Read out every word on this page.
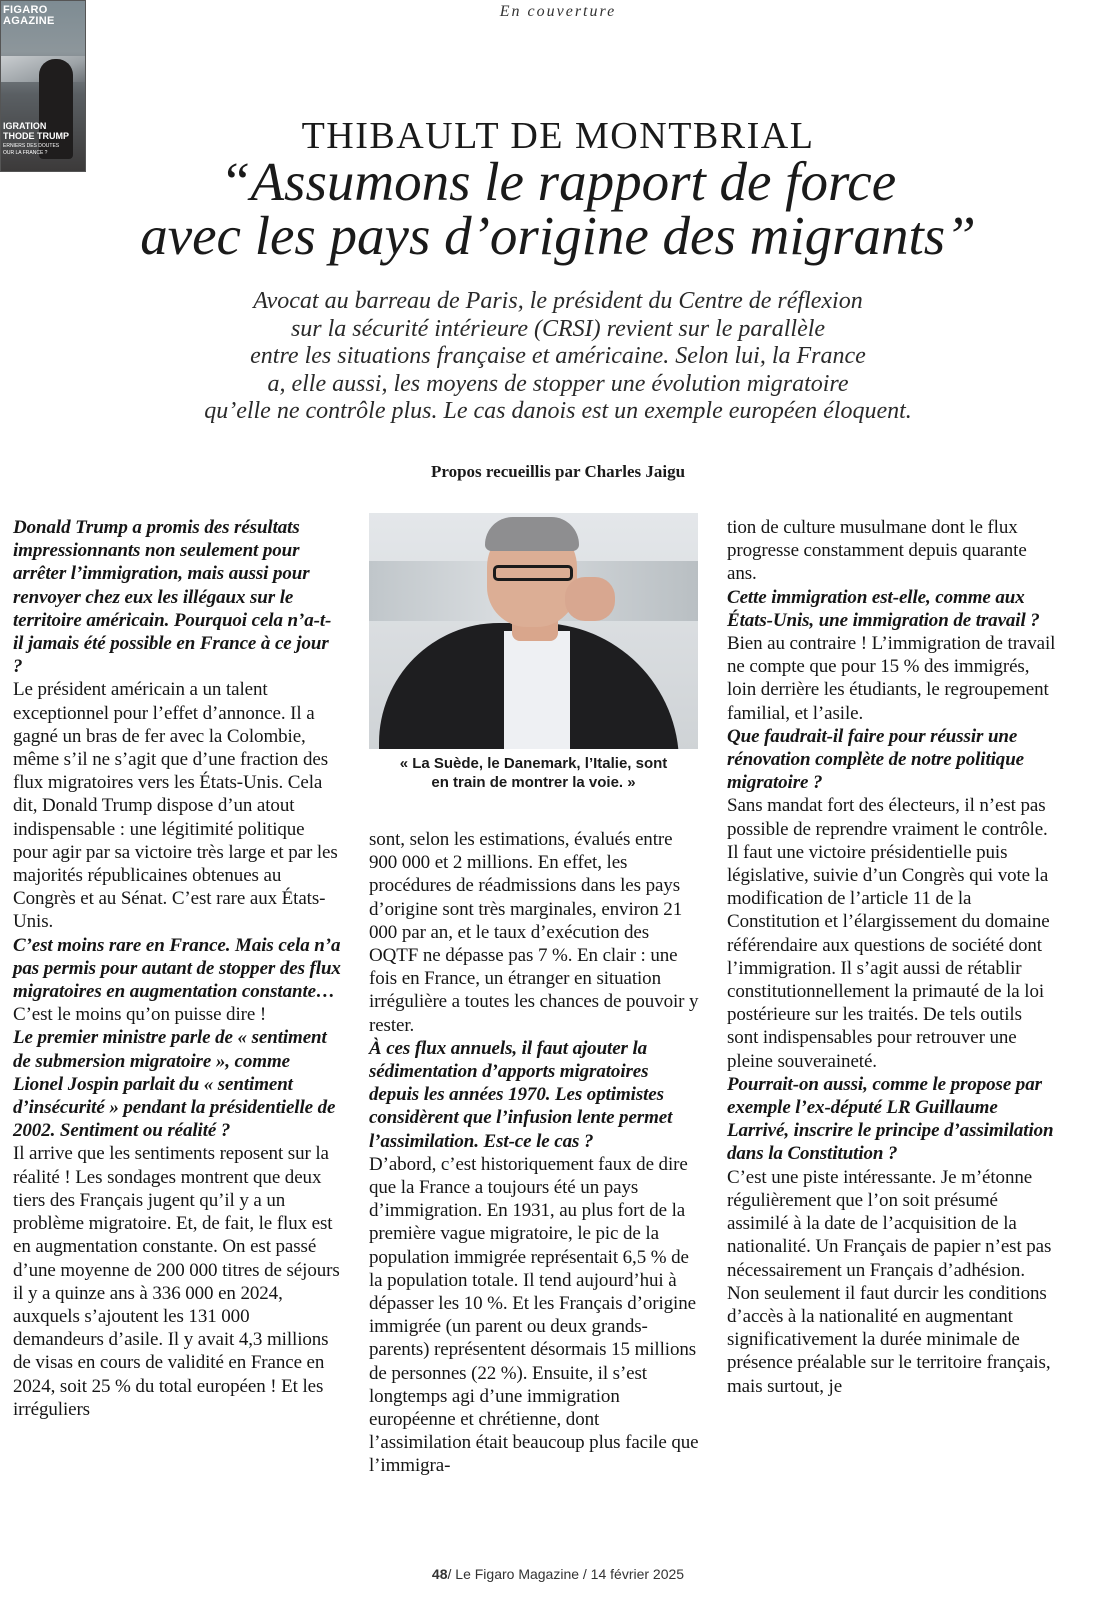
FIGARO
AGAZINE
IGRATION
THODE TRUMP
ERNIERS DES DOUTES
OUR LA FRANCE ?
En couverture
THIBAULT DE MONTBRIAL
“Assumons le rapport de force
avec les pays d’origine des migrants”
Avocat au barreau de Paris, le président du Centre de réflexion
sur la sécurité intérieure (CRSI) revient sur le parallèle
entre les situations française et américaine. Selon lui, la France
a, elle aussi, les moyens de stopper une évolution migratoire
qu’elle ne contrôle plus. Le cas danois est un exemple européen éloquent.
Propos recueillis par Charles Jaigu

Donald Trump a promis des résultats impressionnants non seulement pour arrêter l’immigration, mais aussi pour renvoyer chez eux les illégaux sur le territoire américain. Pourquoi cela n’a-t-il jamais été possible en France à ce jour ?

Le président américain a un talent exceptionnel pour l’effet d’annonce. Il a gagné un bras de fer avec la Colombie, même s’il ne s’agit que d’une fraction des flux migratoires vers les États-Unis. Cela dit, Donald Trump dispose d’un atout indispensable : une légitimité politique pour agir par sa victoire très large et par les majorités républicaines obtenues au Congrès et au Sénat. C’est rare aux États-Unis.

C’est moins rare en France. Mais cela n’a pas permis pour autant de stopper des flux migratoires en augmentation constante…

C’est le moins qu’on puisse dire !

Le premier ministre parle de « sentiment de submersion migratoire », comme Lionel Jospin parlait du « sentiment d’insécurité » pendant la présidentielle de 2002. Sentiment ou réalité ?

Il arrive que les sentiments reposent sur la réalité ! Les sondages montrent que deux tiers des Français jugent qu’il y a un problème migratoire. Et, de fait, le flux est en augmentation constante. On est passé d’une moyenne de 200 000 titres de séjours il y a quinze ans à 336 000 en 2024, auxquels s’ajoutent les 131 000 demandeurs d’asile. Il y avait 4,3 millions de visas en cours de validité en France en 2024, soit 25 % du total européen ! Et les irréguliers

« La Suède, le Danemark, l’Italie, sont
en train de montrer la voie. »

sont, selon les estimations, évalués entre 900 000 et 2 millions. En effet, les procédures de réadmissions dans les pays d’origine sont très marginales, environ 21 000 par an, et le taux d’exécution des OQTF ne dépasse pas 7 %. En clair : une fois en France, un étranger en situation irrégulière a toutes les chances de pouvoir y rester.

À ces flux annuels, il faut ajouter la sédimentation d’apports migratoires depuis les années 1970. Les optimistes considèrent que l’infusion lente permet l’assimilation. Est-ce le cas ?

D’abord, c’est historiquement faux de dire que la France a toujours été un pays d’immigration. En 1931, au plus fort de la première vague migratoire, le pic de la population immigrée représentait 6,5 % de la population totale. Il tend aujourd’hui à dépasser les 10 %. Et les Français d’origine immigrée (un parent ou deux grands-parents) représentent désormais 15 millions de personnes (22 %). Ensuite, il s’est longtemps agi d’une immigration européenne et chrétienne, dont l’assimilation était beaucoup plus facile que l’immigra-

tion de culture musulmane dont le flux progresse constamment depuis quarante ans.

Cette immigration est-elle, comme aux États-Unis, une immigration de travail ?

Bien au contraire ! L’immigration de travail ne compte que pour 15 % des immigrés, loin derrière les étudiants, le regroupement familial, et l’asile.

Que faudrait-il faire pour réussir une rénovation complète de notre politique migratoire ?

Sans mandat fort des électeurs, il n’est pas possible de reprendre vraiment le contrôle. Il faut une victoire présidentielle puis législative, suivie d’un Congrès qui vote la modification de l’article 11 de la Constitution et l’élargissement du domaine référendaire aux questions de société dont l’immigration. Il s’agit aussi de rétablir constitutionnellement la primauté de la loi postérieure sur les traités. De tels outils sont indispensables pour retrouver une pleine souveraineté.

Pourrait-on aussi, comme le propose par exemple l’ex-député LR Guillaume Larrivé, inscrire le principe d’assimilation dans la Constitution ?

C’est une piste intéressante. Je m’étonne régulièrement que l’on soit présumé assimilé à la date de l’acquisition de la nationalité. Un Français de papier n’est pas nécessairement un Français d’adhésion. Non seulement il faut durcir les conditions d’accès à la nationalité en augmentant significativement la durée minimale de présence préalable sur le territoire français, mais surtout, je

48/ Le Figaro Magazine / 14 février 2025
